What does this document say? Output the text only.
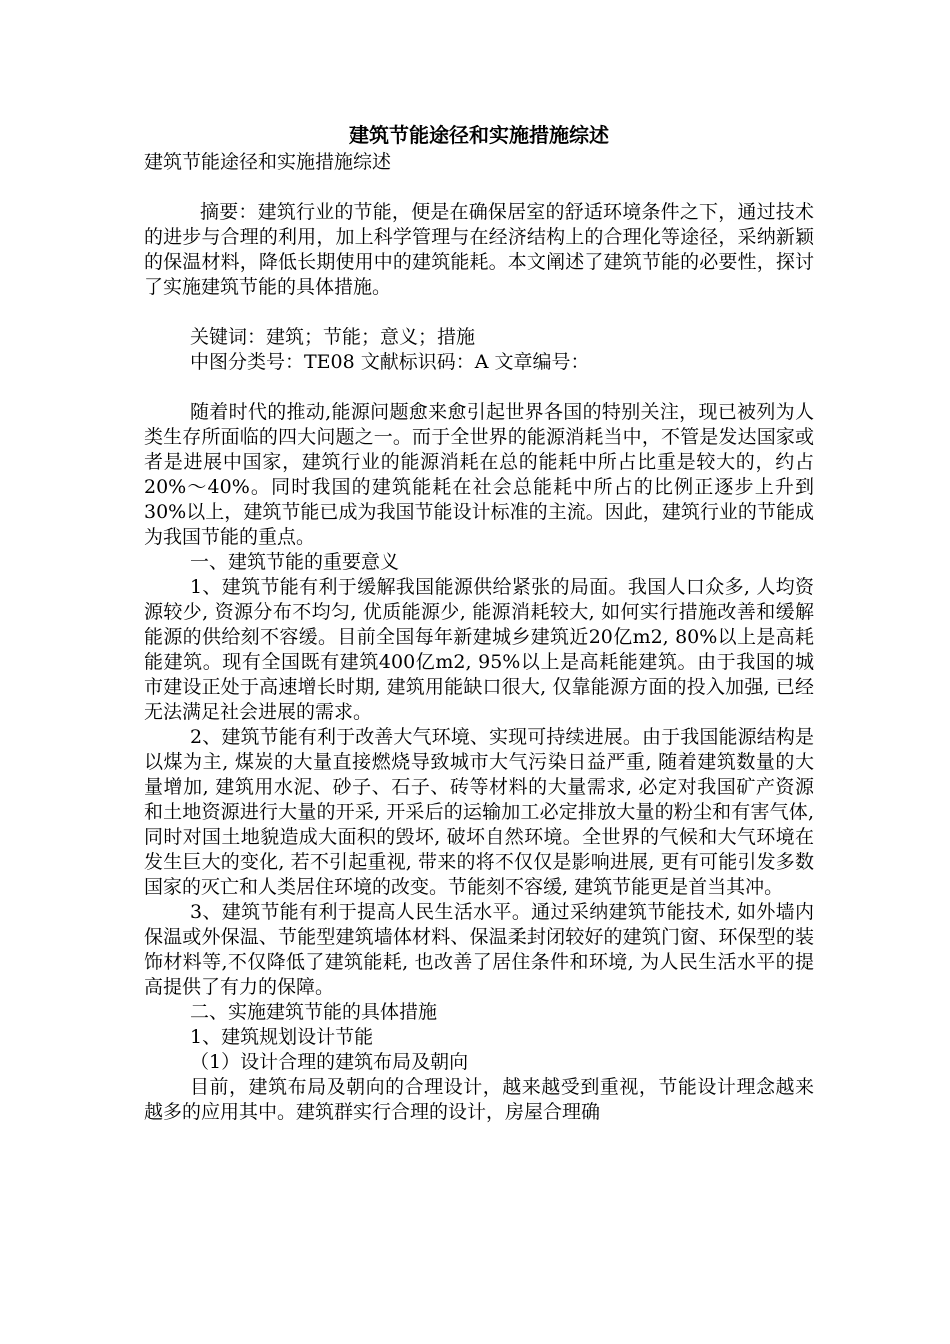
建筑节能途径和实施措施综述

建筑节能途径和实施措施综述

摘要：建筑行业的节能，便是在确保居室的舒适环境条件之下，通过技术的进步与合理的利用，加上科学管理与在经济结构上的合理化等途径，采纳新颖的保温材料，降低长期使用中的建筑能耗。本文阐述了建筑节能的必要性，探讨了实施建筑节能的具体措施。

关键词：建筑；节能；意义；措施

中图分类号：TE08 文献标识码：A 文章编号：

随着时代的推动,能源问题愈来愈引起世界各国的特别关注，现已被列为人类生存所面临的四大问题之一。而于全世界的能源消耗当中，不管是发达国家或者是进展中国家，建筑行业的能源消耗在总的能耗中所占比重是较大的，约占20%～40%。同时我国的建筑能耗在社会总能耗中所占的比例正逐步上升到30%以上，建筑节能已成为我国节能设计标准的主流。因此，建筑行业的节能成为我国节能的重点。

一、建筑节能的重要意义

1、建筑节能有利于缓解我国能源供给紧张的局面。我国人口众多, 人均资源较少, 资源分布不均匀, 优质能源少, 能源消耗较大, 如何实行措施改善和缓解能源的供给刻不容缓。目前全国每年新建城乡建筑近20亿m2, 80%以上是高耗能建筑。现有全国既有建筑400亿m2, 95%以上是高耗能建筑。由于我国的城市建设正处于高速增长时期, 建筑用能缺口很大, 仅靠能源方面的投入加强, 已经无法满足社会进展的需求。

2、建筑节能有利于改善大气环境、实现可持续进展。由于我国能源结构是以煤为主, 煤炭的大量直接燃烧导致城市大气污染日益严重, 随着建筑数量的大量增加, 建筑用水泥、砂子、石子、砖等材料的大量需求, 必定对我国矿产资源和土地资源进行大量的开采, 开采后的运输加工必定排放大量的粉尘和有害气体, 同时对国土地貌造成大面积的毁坏, 破坏自然环境。全世界的气候和大气环境在发生巨大的变化, 若不引起重视, 带来的将不仅仅是影响进展, 更有可能引发多数国家的灭亡和人类居住环境的改变。节能刻不容缓, 建筑节能更是首当其冲。

3、建筑节能有利于提高人民生活水平。通过采纳建筑节能技术, 如外墙内保温或外保温、节能型建筑墙体材料、保温柔封闭较好的建筑门窗、环保型的装饰材料等,不仅降低了建筑能耗, 也改善了居住条件和环境, 为人民生活水平的提高提供了有力的保障。

二、实施建筑节能的具体措施

1、建筑规划设计节能

（1）设计合理的建筑布局及朝向

目前，建筑布局及朝向的合理设计，越来越受到重视，节能设计理念越来越多的应用其中。建筑群实行合理的设计，房屋合理确
